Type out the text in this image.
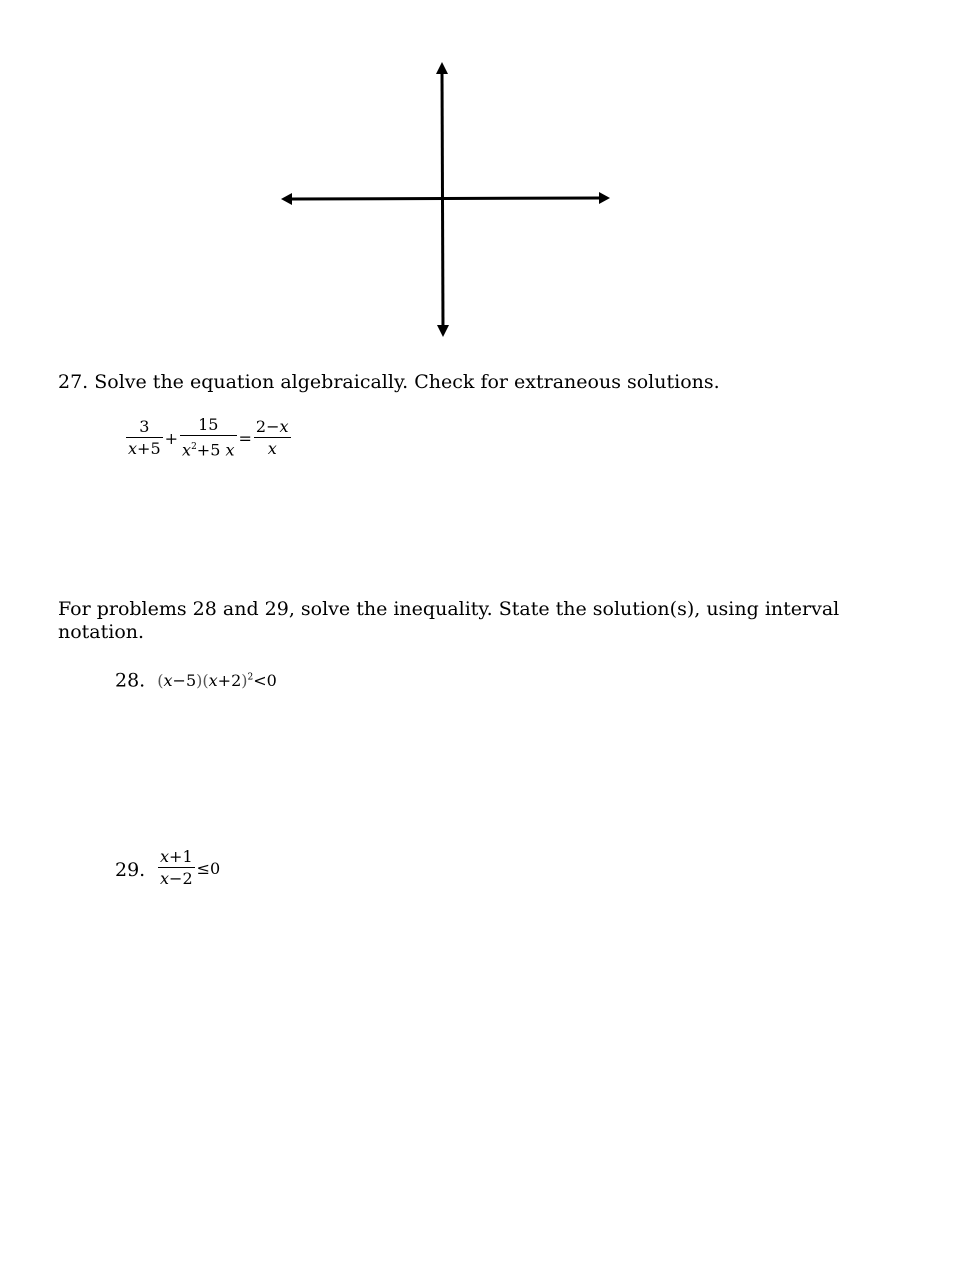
27. Solve the equation algebraically. Check for extraneous solutions.
$\frac{3}{x+5} + \frac{15}{x^2+5 x} = \frac{2-x}{x}$
For problems 28 and 29, solve the inequality. State the solution(s), using interval
notation.
28. $(x-5)(x+2)^2<0$
29. $\frac{x+1}{x-2} \le 0$
